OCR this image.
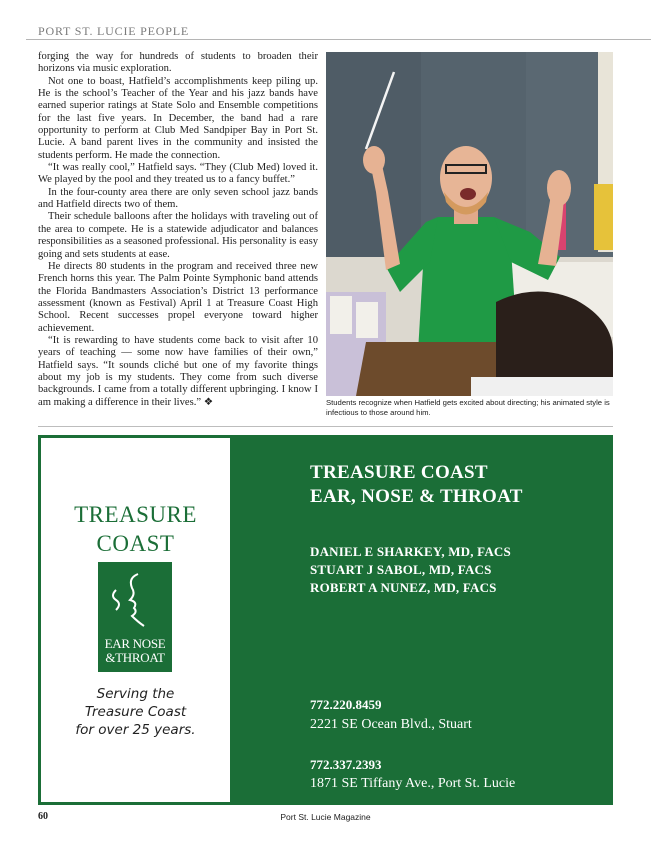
PORT ST. LUCIE PEOPLE

forging the way for hundreds of students to broaden their horizons via music exploration.

Not one to boast, Hatfield’s accomplishments keep piling up. He is the school’s Teacher of the Year and his jazz bands have earned superior ratings at State Solo and Ensemble competitions for the last five years. In December, the band had a rare opportunity to perform at Club Med Sandpiper Bay in Port St. Lucie. A band parent lives in the community and insisted the students perform. He made the connection.

“It was really cool,” Hatfield says. “They (Club Med) loved it. We played by the pool and they treated us to a fancy buffet.”

In the four-county area there are only seven school jazz bands and Hatfield directs two of them.

Their schedule balloons after the holidays with traveling out of the area to compete. He is a statewide adjudicator and balances responsibilities as a seasoned professional. His personality is easy going and sets students at ease.

He directs 80 students in the program and received three new French horns this year. The Palm Pointe Symphonic band attends the Florida Bandmasters Association’s District 13 performance assessment (known as Festival) April 1 at Treasure Coast High School. Recent successes propel everyone toward higher achievement.

“It is rewarding to have students come back to visit after 10 years of teaching — some now have families of their own,” Hatfield says. “It sounds cliché but one of my favorite things about my job is my students. They come from such diverse backgrounds. I came from a totally different upbringing. I know I am making a difference in their lives.” ❖	Students recognize when Hatfield gets excited about directing; his animated style is infectious to those around him.
TREASURE
COAST
EAR NOSE
&THROAT
Serving the
Treasure Coast
for over 25 years.
TREASURE COAST
EAR, NOSE & THROAT
DANIEL E SHARKEY, MD, FACS
STUART J SABOL, MD, FACS
ROBERT A NUNEZ, MD, FACS
772.220.8459
2221 SE Ocean Blvd., Stuart
772.337.2393
1871 SE Tiffany Ave., Port St. Lucie
60	Port St. Lucie Magazine
